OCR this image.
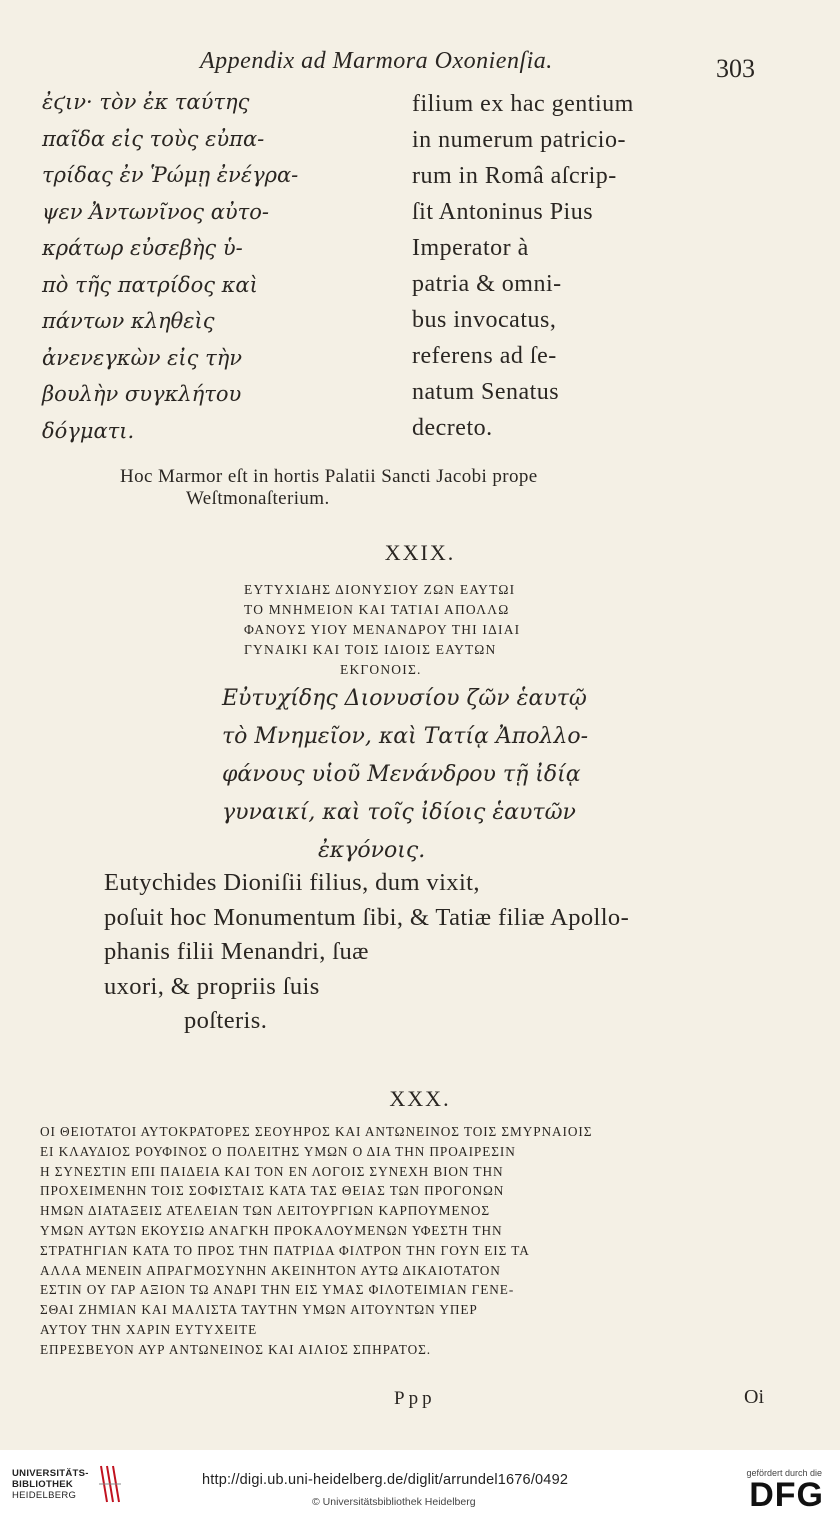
Appendix ad Marmora Oxonienſia.	303
ἐϛιν· τὸν ἐκ ταύτης
παῖδα εἰς τοὺς εὐπα-
τρίδας ἐν Ῥώμῃ ἐνέγρα-
ψεν Ἀντωνῖνος αὐτο-
κράτωρ εὐσεβὴς ὑ-
πὸ τῆς πατρίδος καὶ
πάντων κληθεὶς
ἀνενεγκὼν εἰς τὴν
βουλὴν συγκλήτου
δόγματι.
filium ex hac gentium
in numerum patricio-
rum in Româ aſcrip-
ſit Antoninus Pius
Imperator à
patria & omni-
bus invocatus,
referens ad ſe-
natum Senatus
decreto.
Hoc Marmor eſt in hortis Palatii Sancti Jacobi prope
Weſtmonaſterium.
XXIX.
ΕΥΤΥΧΙΔΗΣ ΔΙΟΝΥΣΙΟΥ ΖΩΝ ΕΑΥΤΩΙ
ΤΟ ΜΝΗΜΕΙΟΝ ΚΑΙ ΤΑΤΙΑΙ ΑΠΟΛΛΩ
ΦΑΝΟΥΣ ΥΙΟΥ ΜΕΝΑΝΔΡΟΥ ΤΗΙ ΙΔΙΑΙ
ΓΥΝΑΙΚΙ ΚΑΙ ΤΟΙΣ ΙΔΙΟΙΣ ΕΑΥΤΩΝ
ΕΚΓΟΝΟΙΣ.
Εὐτυχίδης Διονυσίου ζῶν ἑαυτῷ
τὸ Μνημεῖον, καὶ Τατίᾳ Ἀπολλο-
φάνους υἱοῦ Μενάνδρου τῇ ἰδίᾳ
γυναικί, καὶ τοῖς ἰδίοις ἑαυτῶν
ἐκγόνοις.
Eutychides Dioniſii filius, dum vixit,
poſuit hoc Monumentum ſibi, & Tatiæ filiæ Apollo-
phanis filii Menandri, ſuæ
uxori, & propriis ſuis
poſteris.
XXX.
ΟΙ ΘΕΙΟΤΑΤΟΙ ΑΥΤΟΚΡΑΤΟΡΕΣ ΣΕΟΥΗΡΟΣ ΚΑΙ ΑΝΤΩΝΕΙΝΟΣ ΤΟΙΣ ΣΜΥΡΝΑΙΟΙΣ
ΕΙ ΚΛΑΥΔΙΟΣ ΡΟΥΦΙΝΟΣ Ο ΠΟΛΕΙΤΗΣ ΥΜΩΝ Ο ΔΙΑ ΤΗΝ ΠΡΟΑΙΡΕΣΙΝ
Η ΣΥΝΕΣΤΙΝ ΕΠΙ ΠΑΙΔΕΙΑ ΚΑΙ ΤΟΝ ΕΝ ΛΟΓΟΙΣ ΣΥΝΕΧΗ ΒΙΟΝ ΤΗΝ
ΠΡΟΧΕΙΜΕΝΗΝ ΤΟΙΣ ΣΟΦΙΣΤΑΙΣ ΚΑΤΑ ΤΑΣ ΘΕΙΑΣ ΤΩΝ ΠΡΟΓΟΝΩΝ
ΗΜΩΝ ΔΙΑΤΑΞΕΙΣ ΑΤΕΛΕΙΑΝ ΤΩΝ ΛΕΙΤΟΥΡΓΙΩΝ ΚΑΡΠΟΥΜΕΝΟΣ
ΥΜΩΝ ΑΥΤΩΝ ΕΚΟΥΣΙΩ ΑΝΑΓΚΗ ΠΡΟΚΑΛΟΥΜΕΝΩΝ ΥΦΕΣΤΗ ΤΗΝ
ΣΤΡΑΤΗΓΙΑΝ ΚΑΤΑ ΤΟ ΠΡΟΣ ΤΗΝ ΠΑΤΡΙΔΑ ΦΙΛΤΡΟΝ ΤΗΝ ΓΟΥΝ ΕΙΣ ΤΑ
ΑΛΛΑ ΜΕΝΕΙΝ ΑΠΡΑΓΜΟΣΥΝΗΝ ΑΚΕΙΝΗΤΟΝ ΑΥΤΩ ΔΙΚΑΙΟΤΑΤΟΝ
ΕΣΤΙΝ ΟΥ ΓΑΡ ΑΞΙΟΝ ΤΩ ΑΝΔΡΙ ΤΗΝ ΕΙΣ ΥΜΑΣ ΦΙΛΟΤΕΙΜΙΑΝ ΓΕΝΕ-
ΣΘΑΙ ΖΗΜΙΑΝ ΚΑΙ ΜΑΛΙΣΤΑ ΤΑΥΤΗΝ ΥΜΩΝ ΑΙΤΟΥΝΤΩΝ ΥΠΕΡ
ΑΥΤΟΥ ΤΗΝ ΧΑΡΙΝ ΕΥΤΥΧΕΙΤΕ
ΕΠΡΕΣΒΕΥΟΝ ΑΥΡ ΑΝΤΩΝΕΙΝΟΣ ΚΑΙ ΑΙΛΙΟΣ ΣΠΗΡΑΤΟΣ.
Ppp	Oi
UNIVERSITÄTS-
BIBLIOTHEK
HEIDELBERG
http://digi.ub.uni-heidelberg.de/diglit/arrundel1676/0492
© Universitätsbibliothek Heidelberg
gefördert durch die
DFG
